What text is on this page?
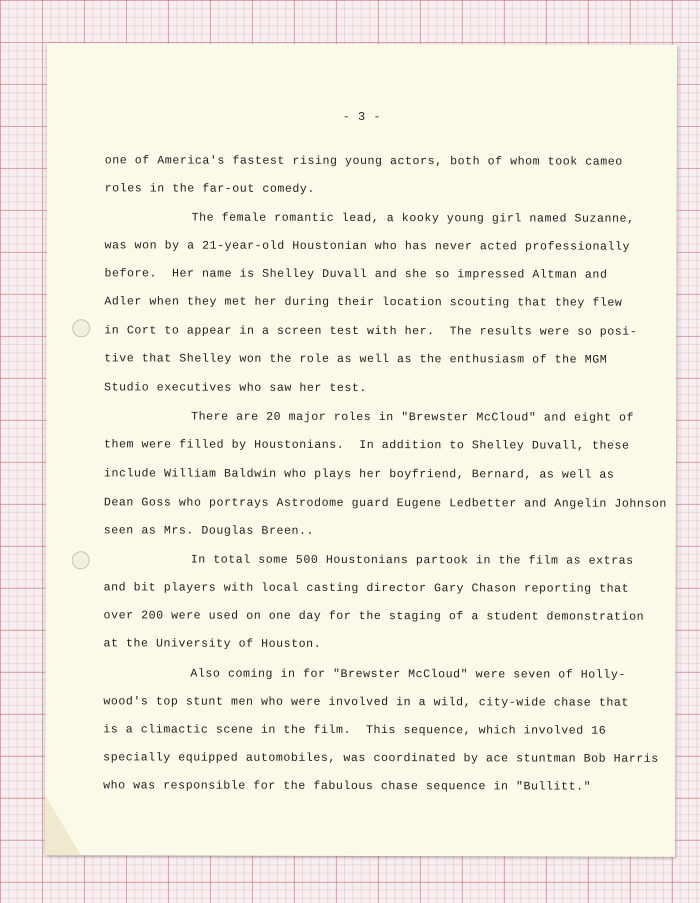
- 3 -
one of America's fastest rising young actors, both of whom took cameo
roles in the far-out comedy.
The female romantic lead, a kooky young girl named Suzanne,
was won by a 21-year-old Houstonian who has never acted professionally
before.  Her name is Shelley Duvall and she so impressed Altman and
Adler when they met her during their location scouting that they flew
in Cort to appear in a screen test with her.  The results were so posi-
tive that Shelley won the role as well as the enthusiasm of the MGM
Studio executives who saw her test.
There are 20 major roles in "Brewster McCloud" and eight of
them were filled by Houstonians.  In addition to Shelley Duvall, these
include William Baldwin who plays her boyfriend, Bernard, as well as
Dean Goss who portrays Astrodome guard Eugene Ledbetter and Angelin Johnson
seen as Mrs. Douglas Breen..
In total some 500 Houstonians partook in the film as extras
and bit players with local casting director Gary Chason reporting that
over 200 were used on one day for the staging of a student demonstration
at the University of Houston.
Also coming in for "Brewster McCloud" were seven of Holly-
wood's top stunt men who were involved in a wild, city-wide chase that
is a climactic scene in the film.  This sequence, which involved 16
specially equipped automobiles, was coordinated by ace stuntman Bob Harris
who was responsible for the fabulous chase sequence in "Bullitt."
